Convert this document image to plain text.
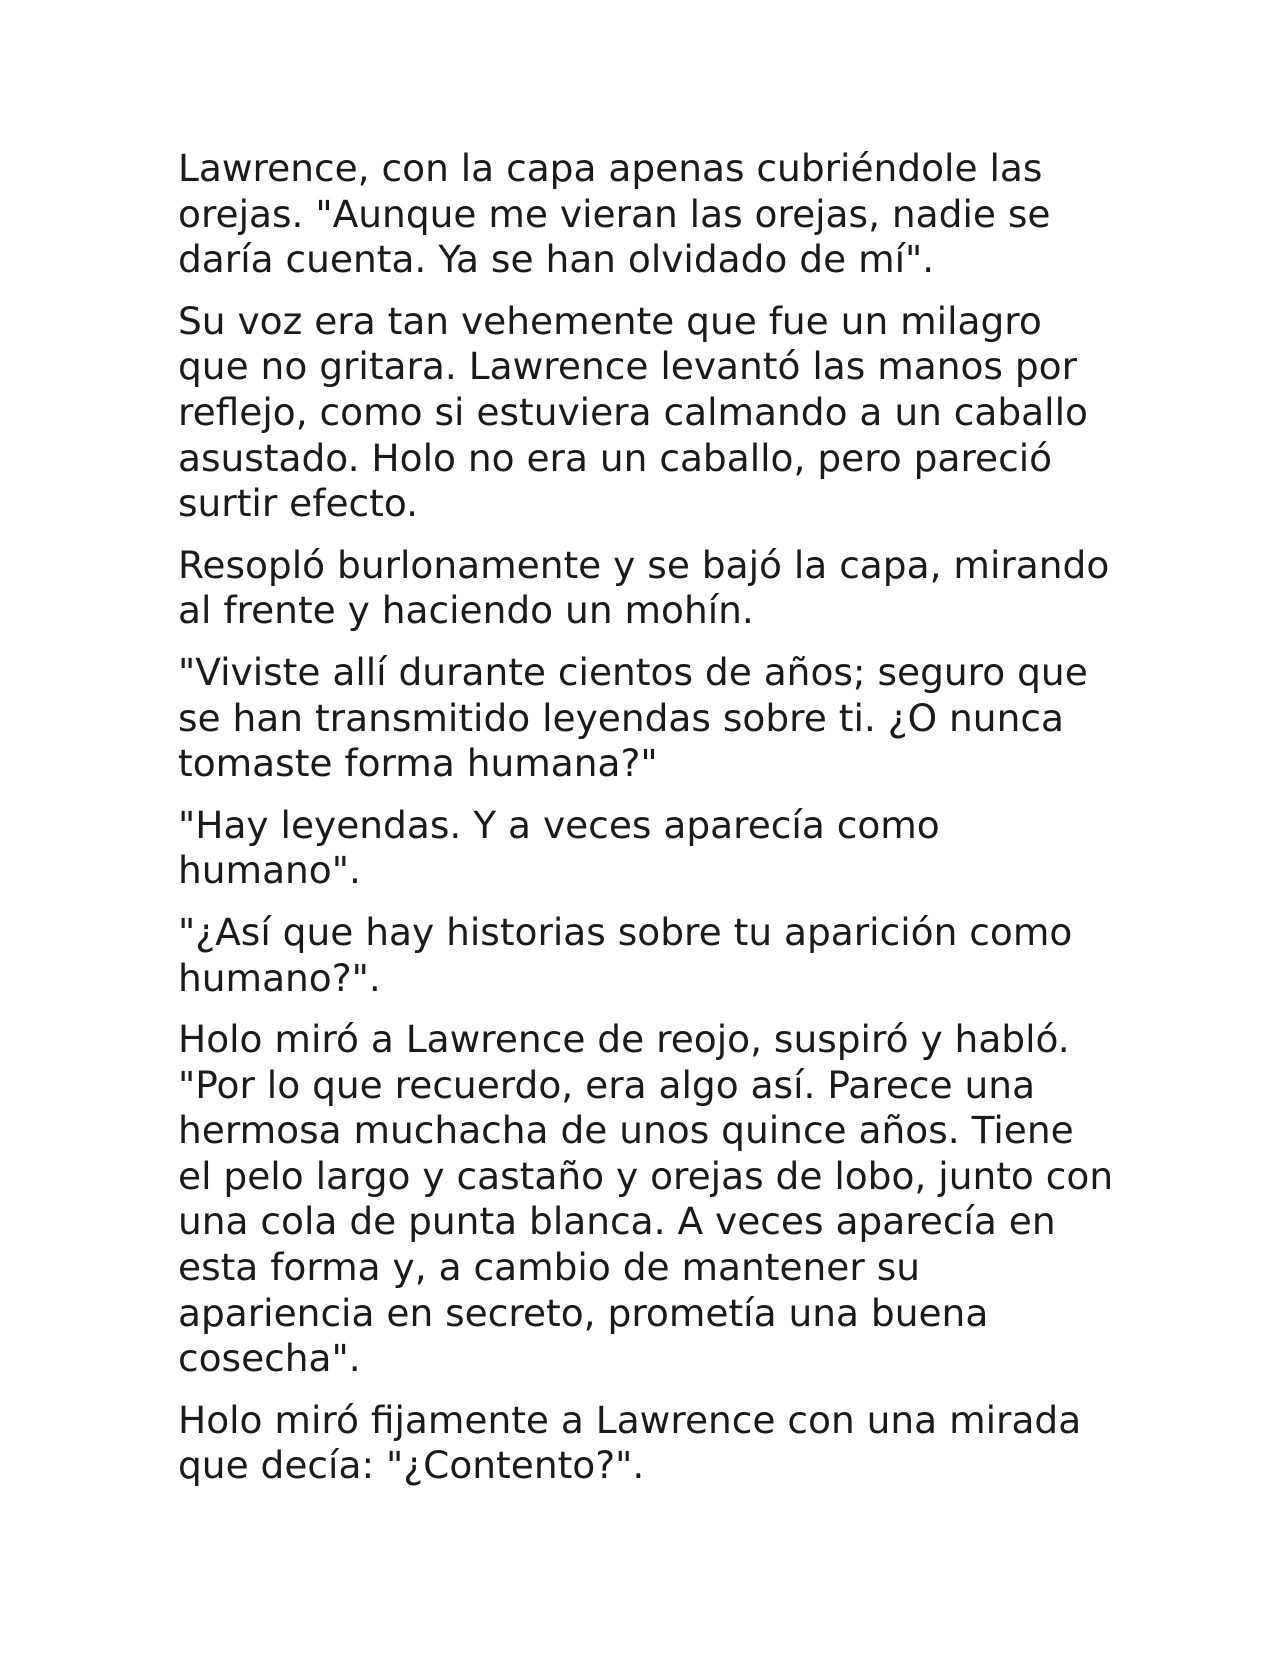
Lawrence, con la capa apenas cubriéndole las orejas. "Aunque me vieran las orejas, nadie se daría cuenta. Ya se han olvidado de mí".

Su voz era tan vehemente que fue un milagro que no gritara. Lawrence levantó las manos por reflejo, como si estuviera calmando a un caballo asustado. Holo no era un caballo, pero pareció surtir efecto.

Resopló burlonamente y se bajó la capa, mirando al frente y haciendo un mohín.

"Viviste allí durante cientos de años; seguro que se han transmitido leyendas sobre ti. ¿O nunca tomaste forma humana?"

"Hay leyendas. Y a veces aparecía como humano".

"¿Así que hay historias sobre tu aparición como humano?".

Holo miró a Lawrence de reojo, suspiró y habló. "Por lo que recuerdo, era algo así. Parece una hermosa muchacha de unos quince años. Tiene el pelo largo y castaño y orejas de lobo, junto con una cola de punta blanca. A veces aparecía en esta forma y, a cambio de mantener su apariencia en secreto, prometía una buena cosecha".

Holo miró fijamente a Lawrence con una mirada que decía: "¿Contento?".
